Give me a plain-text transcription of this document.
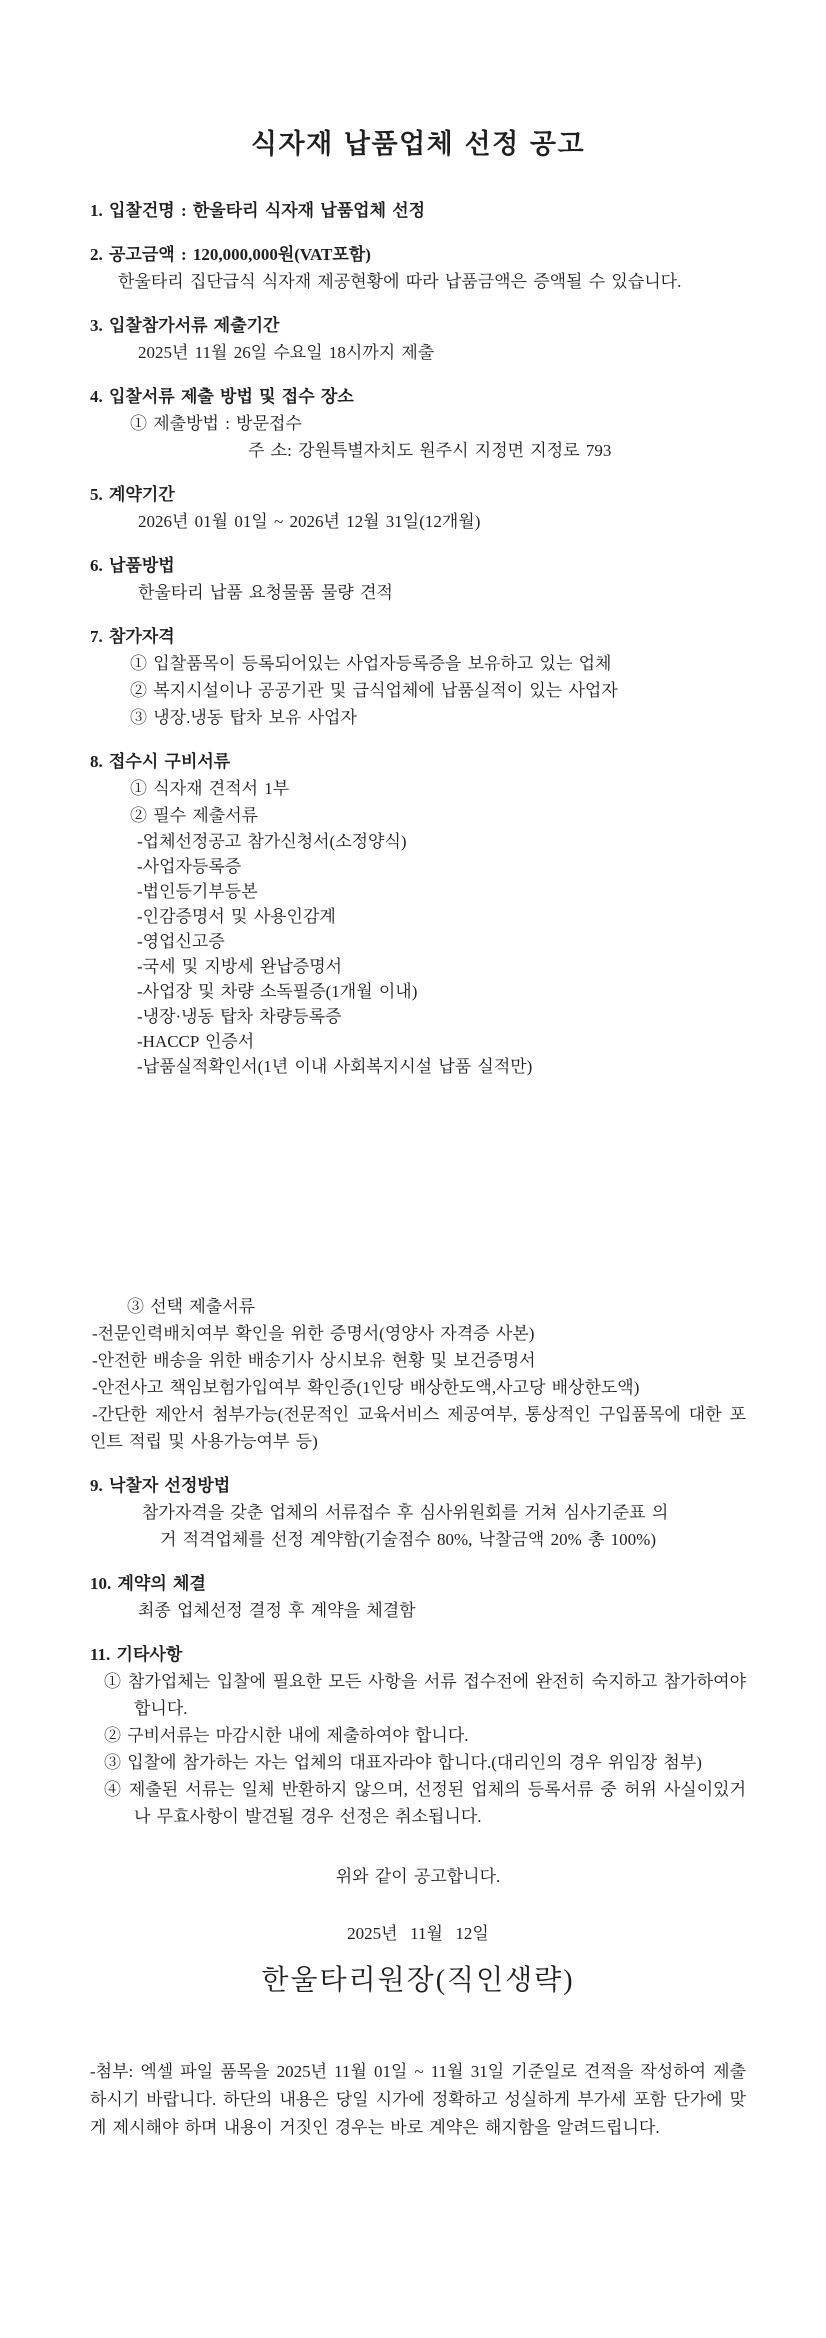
식자재 납품업체 선정 공고
1. 입찰건명 : 한울타리 식자재 납품업체 선정
2. 공고금액 : 120,000,000원(VAT포함)
한울타리 집단급식 식자재 제공현황에 따라 납품금액은 증액될 수 있습니다.
3. 입찰참가서류 제출기간
2025년 11월 26일 수요일 18시까지 제출
4. 입찰서류 제출 방법 및 접수 장소
① 제출방법 : 방문접수
주 소: 강원특별자치도 원주시 지정면 지정로 793
5. 계약기간
2026년 01월 01일 ~ 2026년 12월 31일(12개월)
6. 납품방법
한울타리 납품 요청물품 물량 견적
7. 참가자격
① 입찰품목이 등록되어있는 사업자등록증을 보유하고 있는 업체
② 복지시설이나 공공기관 및 급식업체에 납품실적이 있는 사업자
③ 냉장.냉동 탑차 보유 사업자
8. 접수시 구비서류
① 식자재 견적서 1부
② 필수 제출서류
-업체선정공고 참가신청서(소정양식)
-사업자등록증
-법인등기부등본
-인감증명서 및 사용인감계
-영업신고증
-국세 및 지방세 완납증명서
-사업장 및 차량 소독필증(1개월 이내)
-냉장·냉동 탑차 차량등록증
-HACCP 인증서
-납품실적확인서(1년 이내 사회복지시설 납품 실적만)
③ 선택 제출서류
-전문인력배치여부 확인을 위한 증명서(영양사 자격증 사본)
-안전한 배송을 위한 배송기사 상시보유 현황 및 보건증명서
-안전사고 책임보험가입여부 확인증(1인당 배상한도액,사고당 배상한도액)
-간단한 제안서 첨부가능(전문적인 교육서비스 제공여부, 통상적인 구입품목에 대한 포인트 적립 및 사용가능여부 등)
9. 낙찰자 선정방법
참가자격을 갖춘 업체의 서류접수 후 심사위원회를 거쳐 심사기준표 의
거 적격업체를 선정 계약함(기술점수 80%, 낙찰금액 20% 총 100%)
10. 계약의 체결
최종 업체선정 결정 후 계약을 체결함
11. 기타사항
① 참가업체는 입찰에 필요한 모든 사항을 서류 접수전에 완전히 숙지하고 참가하여야 합니다.
② 구비서류는 마감시한 내에 제출하여야 합니다.
③ 입찰에 참가하는 자는 업체의 대표자라야 합니다.(대리인의 경우 위임장 첨부)
④ 제출된 서류는 일체 반환하지 않으며, 선정된 업체의 등록서류 중 허위 사실이있거나 무효사항이 발견될 경우 선정은 취소됩니다.
위와 같이 공고합니다.
2025년  11월  12일
한울타리원장(직인생략)
-첨부: 엑셀 파일 품목을 2025년 11월 01일 ~ 11월 31일 기준일로 견적을 작성하여 제출하시기 바랍니다. 하단의 내용은 당일 시가에 정확하고 성실하게 부가세 포함 단가에 맞게 제시해야 하며 내용이 거짓인 경우는 바로 계약은 해지함을 알려드립니다.
